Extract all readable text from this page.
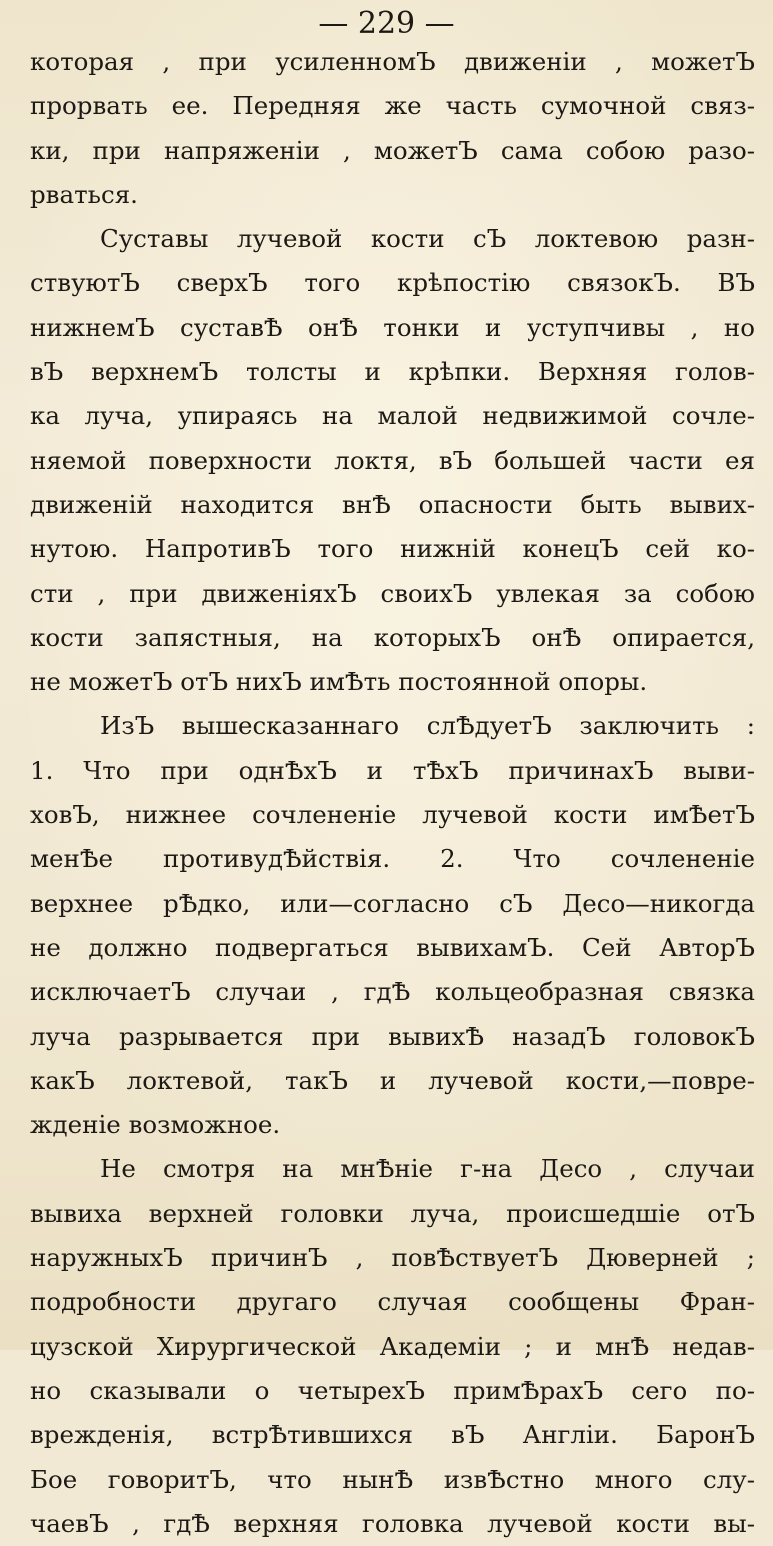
— 229 —
которая , при усиленномЪ движеніи , можетЪ
прорвать ее. Передняя же часть сумочной связ-
ки, при напряженіи , можетЪ сама собою разо-
рваться.
Суставы лучевой кости сЪ локтевою разн-
ствуютЪ сверхЪ того крѣпостію связокЪ. ВЪ
нижнемЪ суставѢ онѢ тонки и уступчивы , но
вЪ верхнемЪ толсты и крѣпки. Верхняя голов-
ка луча, упираясь на малой недвижимой сочле-
няемой поверхности локтя, вЪ большей части ея
движеній находится внѢ опасности быть вывих-
нутою. НапротивЪ того нижній конецЪ сей ко-
сти , при движеніяхЪ своихЪ увлекая за собою
кости запястныя, на которыхЪ онѢ опирается,
не можетЪ отЪ нихЪ имѢть постоянной опоры.
ИзЪ вышесказаннаго слѢдуетЪ заключить :
1. Что при однѢхЪ и тѢхЪ причинахЪ выви-
ховЪ, нижнее сочлененіе лучевой кости имѢетЪ
менѢе противудѢйствія. 2. Что сочлененіе
верхнее рѢдко, или—согласно сЪ Десо—никогда
не должно подвергаться вывихамЪ. Сей АвторЪ
исключаетЪ случаи , гдѢ кольцеобразная связка
луча разрывается при вывихѢ назадЪ головокЪ
какЪ локтевой, такЪ и лучевой кости,—повре-
жденіе возможное.
Не смотря на мнѢніе г-на Десо , случаи
вывиха верхней головки луча, происшедшіе отЪ
наружныхЪ причинЪ , повѢствуетЪ Дюверней ;
подробности другаго случая сообщены Фран-
цузской Хирургической Академіи ; и мнѢ недав-
но сказывали о четырехЪ примѢрахЪ сего по-
врежденія, встрѢтившихся вЪ Англіи. БаронЪ
Бое говоритЪ, что нынѢ извѢстно много слу-
чаевЪ , гдѢ верхняя головка лучевой кости вы-
